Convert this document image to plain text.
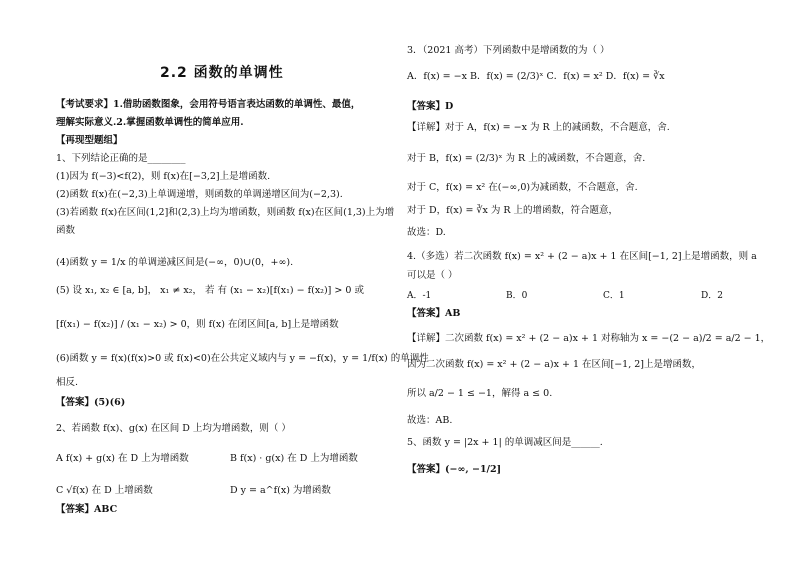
2.2 函数的单调性
【考试要求】1.借助函数图象，会用符号语言表达函数的单调性、最值，
理解实际意义.2.掌握函数单调性的简单应用.
【再现型题组】
1、下列结论正确的是________
(1)因为 f(−3)<f(2)，则 f(x)在[−3,2]上是增函数.
(2)函数 f(x)在(−2,3)上单调递增，则函数的单调递增区间为(−2,3).
(3)若函数 f(x)在区间(1,2]和(2,3)上均为增函数，则函数 f(x)在区间(1,3)上为增
函数
(4)函数 y = 1/x 的单调递减区间是(−∞，0)∪(0，+∞).
(5) 设 x₁, x₂ ∈ [a, b]， x₁ ≠ x₂， 若 有 (x₁ − x₂)[f(x₁) − f(x₂)] > 0 或
[f(x₁) − f(x₂)] / (x₁ − x₂) > 0，则 f(x) 在闭区间[a, b]上是增函数
(6)函数 y = f(x)(f(x)>0 或 f(x)<0)在公共定义域内与 y = −f(x)，y = 1/f(x) 的单调性
相反.
【答案】(5)(6)
2、若函数 f(x)、g(x) 在区间 D 上均为增函数，则（ ）
A f(x) + g(x) 在 D 上为增函数	B f(x) · g(x) 在 D 上为增函数
C √f(x) 在 D 上增函数	D y = a^f(x) 为增函数
【答案】ABC
3．（2021 高考）下列函数中是增函数的为（ ）
A．f(x) = −x B．f(x) = (2/3)ˣ C．f(x) = x² D．f(x) = ∛x
【答案】D
【详解】对于 A，f(x) = −x 为 R 上的减函数，不合题意，舍.
对于 B，f(x) = (2/3)ˣ 为 R 上的减函数，不合题意，舍.
对于 C，f(x) = x² 在(−∞,0)为减函数，不合题意，舍.
对于 D，f(x) = ∛x 为 R 上的增函数，符合题意，
故选：D.
4.（多选）若二次函数 f(x) = x² + (2 − a)x + 1 在区间[−1, 2]上是增函数，则 a
可以是（ ）
A．-1	B．0	C．1	D．2
【答案】AB
【详解】二次函数 f(x) = x² + (2 − a)x + 1 对称轴为 x = −(2 − a)/2 = a/2 − 1，
因为二次函数 f(x) = x² + (2 − a)x + 1 在区间[−1, 2]上是增函数，
所以 a/2 − 1 ≤ −1，解得 a ≤ 0.
故选：AB.
5、函数 y = |2x + 1| 的单调减区间是______.
【答案】(−∞, −1/2]
